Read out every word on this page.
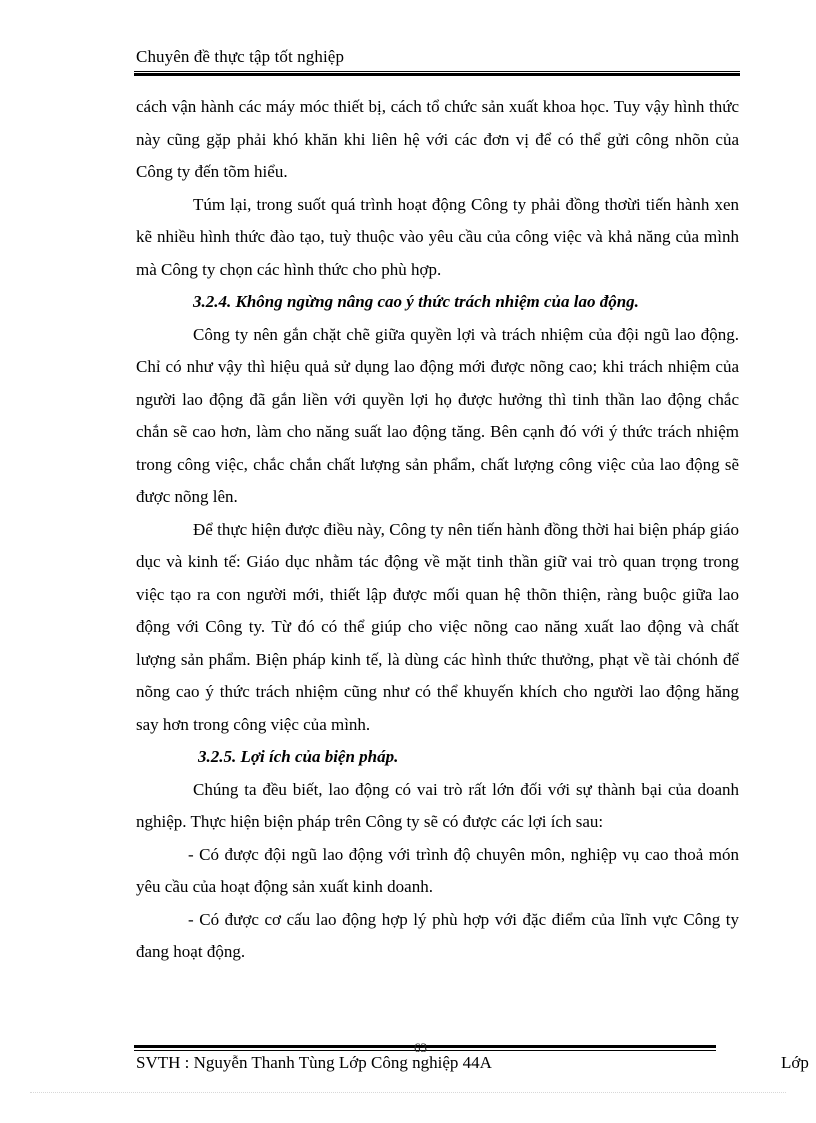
Chuyên đề thực tập tốt nghiệp

cách vận hành các máy móc thiết bị, cách tổ chức sản xuất khoa học. Tuy vậy hình thức này cũng gặp phải khó khăn khi liên hệ với các đơn vị để có thể gửi công nhõn của Công ty đến tõm hiểu.

Túm lại, trong suốt quá trình hoạt động Công ty phải đồng thơừi tiến hành xen kẽ nhiều hình thức đào tạo, tuỳ thuộc vào yêu cầu của công việc và khả năng của mình mà Công ty chọn các hình thức cho phù hợp.

3.2.4. Không ngừng nâng cao ý thức trách nhiệm của lao động.

Công ty nên gắn chặt chẽ giữa quyền lợi và trách nhiệm của đội ngũ lao động. Chỉ có như vậy thì hiệu quả sử dụng lao động mới được nõng cao; khi trách nhiệm của người lao động đã gắn liền với quyền lợi họ được hưởng thì tinh thần lao động chắc chắn sẽ cao hơn, làm cho năng suất lao động tăng. Bên cạnh đó với ý thức trách nhiệm trong công việc, chắc chắn chất lượng sản phẩm, chất lượng công việc của lao động sẽ được nõng lên.

Để thực hiện được điều này, Công ty nên tiến hành đồng thời hai biện pháp giáo dục và kinh tế: Giáo dục nhằm tác động về mặt tinh thần giữ vai trò quan trọng trong việc tạo ra con người mới, thiết lập được mối quan hệ thõn thiện, ràng buộc giữa lao động với Công ty. Từ đó có thể giúp cho việc nõng cao năng xuất lao động và chất lượng sản phẩm. Biện pháp kinh tế, là dùng các hình thức thưởng, phạt về tài chónh để nõng cao ý thức trách nhiệm cũng như có thể khuyến khích cho người lao động hăng say hơn trong công việc của mình.

3.2.5. Lợi ích của biện pháp.

Chúng ta đều biết, lao động có vai trò rất lớn đối với sự thành bại của doanh nghiệp. Thực hiện biện pháp trên Công ty sẽ có được các lợi ích sau:

- Có được đội ngũ lao động với trình độ chuyên môn, nghiệp vụ cao thoả món yêu cầu của hoạt động sản xuất kinh doanh.

- Có được cơ cấu lao động hợp lý phù hợp với đặc điểm của lĩnh vực Công ty đang hoạt động.

63
SVTH : Nguyễn Thanh Tùng Lớp Công nghiệp 44A	Lớp
